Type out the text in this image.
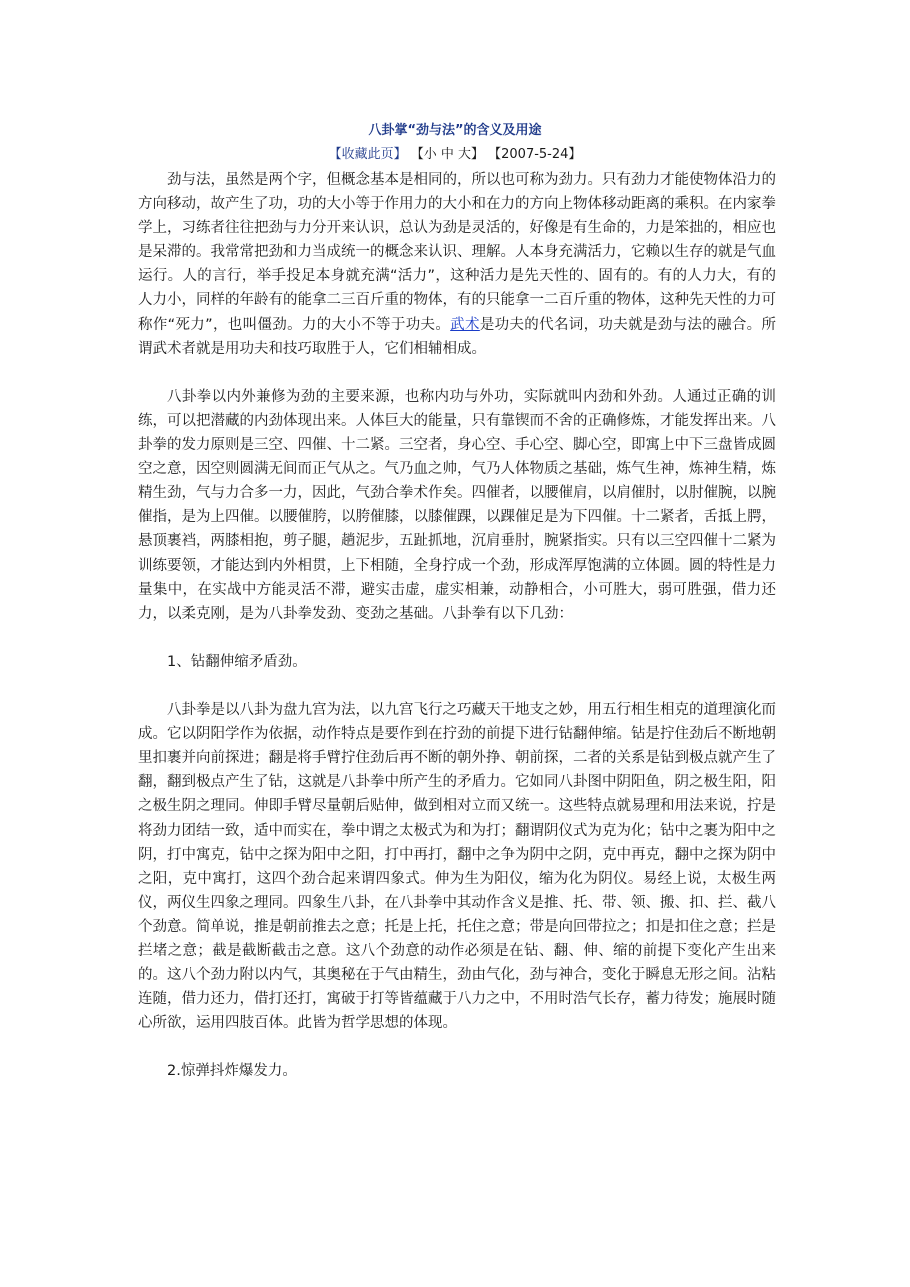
八卦掌“劲与法”的含义及用途
【收藏此页】 【小 中 大】 【2007-5-24】

劲与法，虽然是两个字，但概念基本是相同的，所以也可称为劲力。只有劲力才能使物体沿力的方向移动，故产生了功，功的大小等于作用力的大小和在力的方向上物体移动距离的乘积。在内家拳学上，习练者往往把劲与力分开来认识，总认为劲是灵活的，好像是有生命的，力是笨拙的，相应也是呆滞的。我常常把劲和力当成统一的概念来认识、理解。人本身充满活力，它赖以生存的就是气血运行。人的言行，举手投足本身就充满“活力”，这种活力是先天性的、固有的。有的人力大，有的人力小，同样的年龄有的能拿二三百斤重的物体，有的只能拿一二百斤重的物体，这种先天性的力可称作“死力”，也叫僵劲。力的大小不等于功夫。武术是功夫的代名词，功夫就是劲与法的融合。所谓武术者就是用功夫和技巧取胜于人，它们相辅相成。

八卦拳以内外兼修为劲的主要来源，也称内功与外功，实际就叫内劲和外劲。人通过正确的训练，可以把潜藏的内劲体现出来。人体巨大的能量，只有靠锲而不舍的正确修炼，才能发挥出来。八卦拳的发力原则是三空、四催、十二紧。三空者，身心空、手心空、脚心空，即寓上中下三盘皆成圆空之意，因空则圆满无间而正气从之。气乃血之帅，气乃人体物质之基础，炼气生神，炼神生精，炼精生劲，气与力合多一力，因此，气劲合拳术作矣。四催者，以腰催肩，以肩催肘，以肘催腕，以腕催指，是为上四催。以腰催胯，以胯催膝，以膝催踝，以踝催足是为下四催。十二紧者，舌抵上腭，悬顶裹裆，两膝相抱，剪子腿，趟泥步，五趾抓地，沉肩垂肘，腕紧指实。只有以三空四催十二紧为训练要领，才能达到内外相贯，上下相随，全身拧成一个劲，形成浑厚饱满的立体圆。圆的特性是力量集中，在实战中方能灵活不滞，避实击虚，虚实相兼，动静相合，小可胜大，弱可胜强，借力还力，以柔克刚，是为八卦拳发劲、变劲之基础。八卦拳有以下几劲：

1、钻翻伸缩矛盾劲。

八卦拳是以八卦为盘九宫为法，以九宫飞行之巧藏天干地支之妙，用五行相生相克的道理演化而成。它以阴阳学作为依据，动作特点是要作到在拧劲的前提下进行钻翻伸缩。钻是拧住劲后不断地朝里扣裹并向前探进；翻是将手臂拧住劲后再不断的朝外挣、朝前探，二者的关系是钻到极点就产生了翻，翻到极点产生了钻，这就是八卦拳中所产生的矛盾力。它如同八卦图中阴阳鱼，阴之极生阳，阳之极生阴之理同。伸即手臂尽量朝后贴伸，做到相对立而又统一。这些特点就易理和用法来说，拧是将劲力团结一致，适中而实在，拳中谓之太极式为和为打；翻谓阴仪式为克为化；钻中之裹为阳中之阴，打中寓克，钻中之探为阳中之阳，打中再打，翻中之争为阴中之阴，克中再克，翻中之探为阴中之阳，克中寓打，这四个劲合起来谓四象式。伸为生为阳仪，缩为化为阴仪。易经上说，太极生两仪，两仪生四象之理同。四象生八卦，在八卦拳中其动作含义是推、托、带、领、搬、扣、拦、截八个劲意。简单说，推是朝前推去之意；托是上托，托住之意；带是向回带拉之；扣是扣住之意；拦是拦堵之意；截是截断截击之意。这八个劲意的动作必须是在钻、翻、伸、缩的前提下变化产生出来的。这八个劲力附以内气，其奥秘在于气由精生，劲由气化，劲与神合，变化于瞬息无形之间。沾粘连随，借力还力，借打还打，寓破于打等皆蕴藏于八力之中，不用时浩气长存，蓄力待发；施展时随心所欲，运用四肢百体。此皆为哲学思想的体现。

2.惊弹抖炸爆发力。
